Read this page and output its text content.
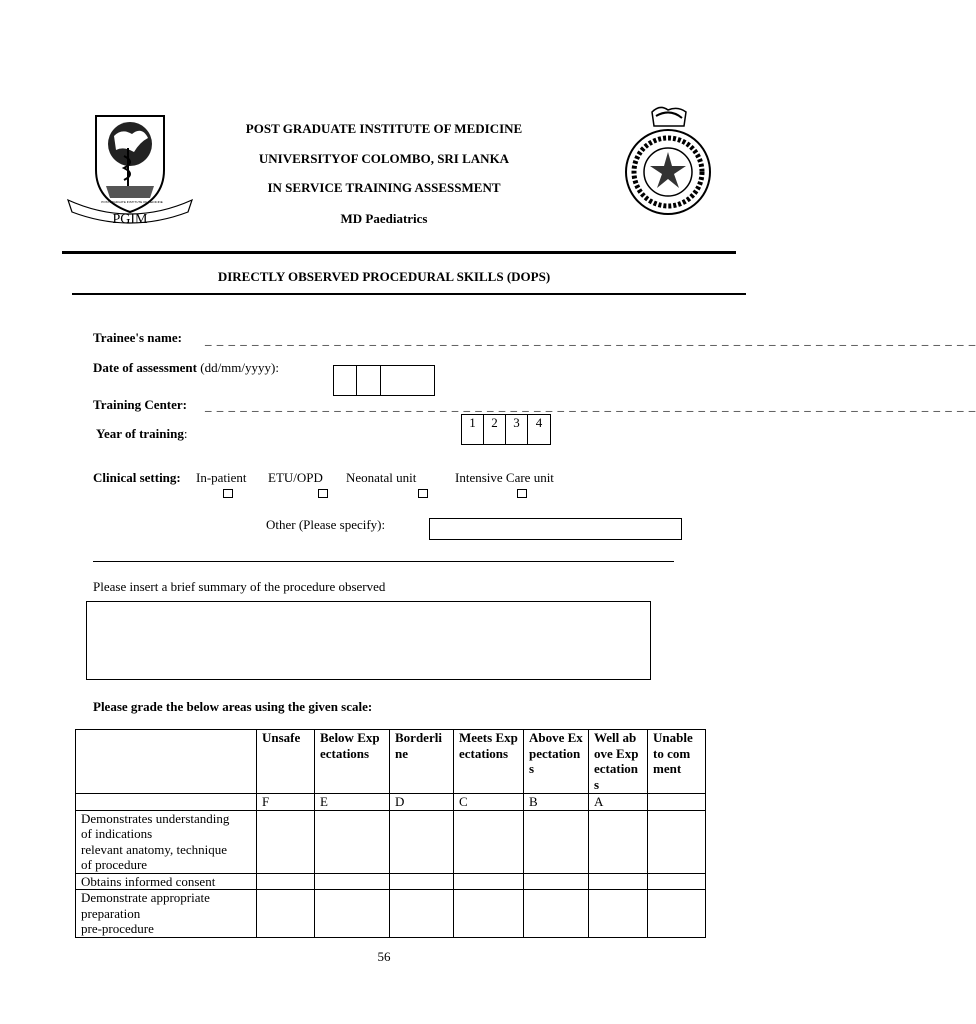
POSTGRADUATE INSTITUTE OF MEDICINE
PGIM
POST GRADUATE INSTITUTE OF MEDICINE
UNIVERSITYOF COLOMBO, SRI LANKA
IN SERVICE TRAINING ASSESSMENT
MD Paediatrics
DIRECTLY OBSERVED PROCEDURAL SKILLS (DOPS)
Trainee's name: _ _ _ _ _ _ _ _ _ _ _ _ _ _ _ _ _ _ _ _ _ _ _ _ _ _ _ _ _ _ _ _ _ _ _ _ _ _ _ _ _ _ _ _ _ _ _ _ _ _ _ _ _ _ _ _ _ _ _ _ _ _ _ _ _ _
Date of assessment (dd/mm/yyyy):
Training Center: _ _ _ _ _ _ _ _ _ _ _ _ _ _ _ _ _ _ _ _ _ _ _ _ _ _ _ _ _ _ _ _ _ _ _ _ _ _ _ _ _ _ _ _ _ _ _ _ _ _ _ _ _ _ _ _ _ _ _ _ _ _ _ _ _ _
Year of training:
1	2	3	4
Clinical setting: In-patient ETU/OPD Neonatal unit	Intensive Care unit
Other (Please specify):
Please insert a brief summary of the procedure observed
Please grade the below areas using the given scale:
	Unsafe	Below Expectations	Borderline	Meets Expectations	Above Expectations	Well above Expectations	Unable to comment
	F	E	D	C	B	A	

Demonstrates understanding
of indications
relevant anatomy, technique
of procedure							

Obtains informed consent							

Demonstrate appropriate
preparation
pre-procedure							

56
